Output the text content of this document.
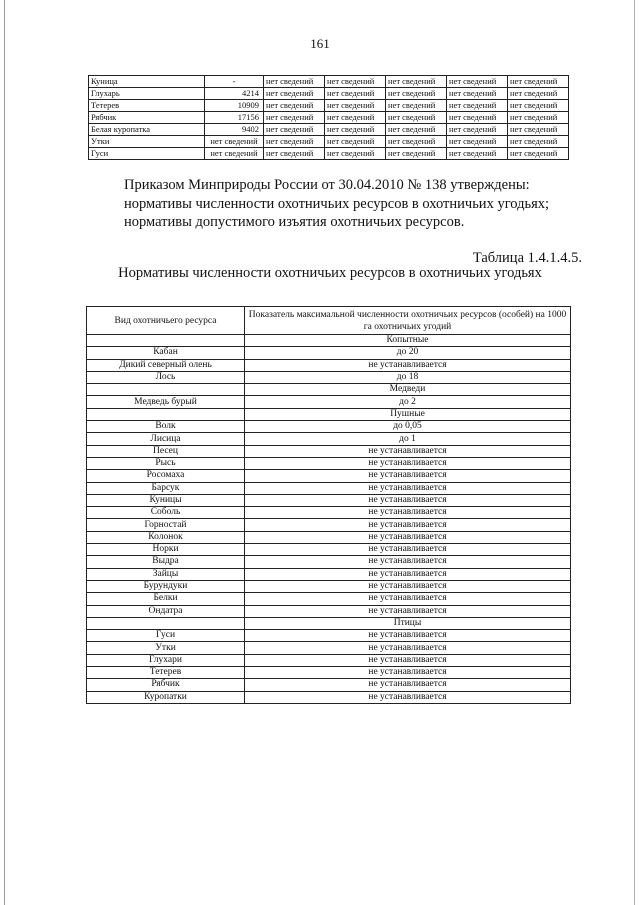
161
Куница	-	нет сведений	нет сведений	нет сведений	нет сведений	нет сведений
Глухарь	4214	нет сведений	нет сведений	нет сведений	нет сведений	нет сведений
Тетерев	10909	нет сведений	нет сведений	нет сведений	нет сведений	нет сведений
Рябчик	17156	нет сведений	нет сведений	нет сведений	нет сведений	нет сведений
Белая куропатка	9402	нет сведений	нет сведений	нет сведений	нет сведений	нет сведений
Утки	нет сведений	нет сведений	нет сведений	нет сведений	нет сведений	нет сведений
Гуси	нет сведений	нет сведений	нет сведений	нет сведений	нет сведений	нет сведений
Приказом Минприроды России от 30.04.2010 № 138 утверждены:
нормативы численности охотничьих ресурсов в охотничьих угодьях;
нормативы допустимого изъятия охотничьих ресурсов.
Таблица 1.4.1.4.5.
Нормативы численности охотничьих ресурсов в охотничьих угодьях
Вид охотничьего ресурса	Показатель максимальной численности охотничьих ресурсов (особей) на 1000 га охотничьих угодий
	Копытные
Кабан	до 20
Дикий северный олень	не устанавливается
Лось	до 18
	Медведи
Медведь бурый	до 2
	Пушные
Волк	до 0,05
Лисица	до 1
Песец	не устанавливается
Рысь	не устанавливается
Росомаха	не устанавливается
Барсук	не устанавливается
Куницы	не устанавливается
Соболь	не устанавливается
Горностай	не устанавливается
Колонок	не устанавливается
Норки	не устанавливается
Выдра	не устанавливается
Зайцы	не устанавливается
Бурундуки	не устанавливается
Белки	не устанавливается
Ондатра	не устанавливается
	Птицы
Гуси	не устанавливается
Утки	не устанавливается
Глухари	не устанавливается
Тетерев	не устанавливается
Рябчик	не устанавливается
Куропатки	не устанавливается
